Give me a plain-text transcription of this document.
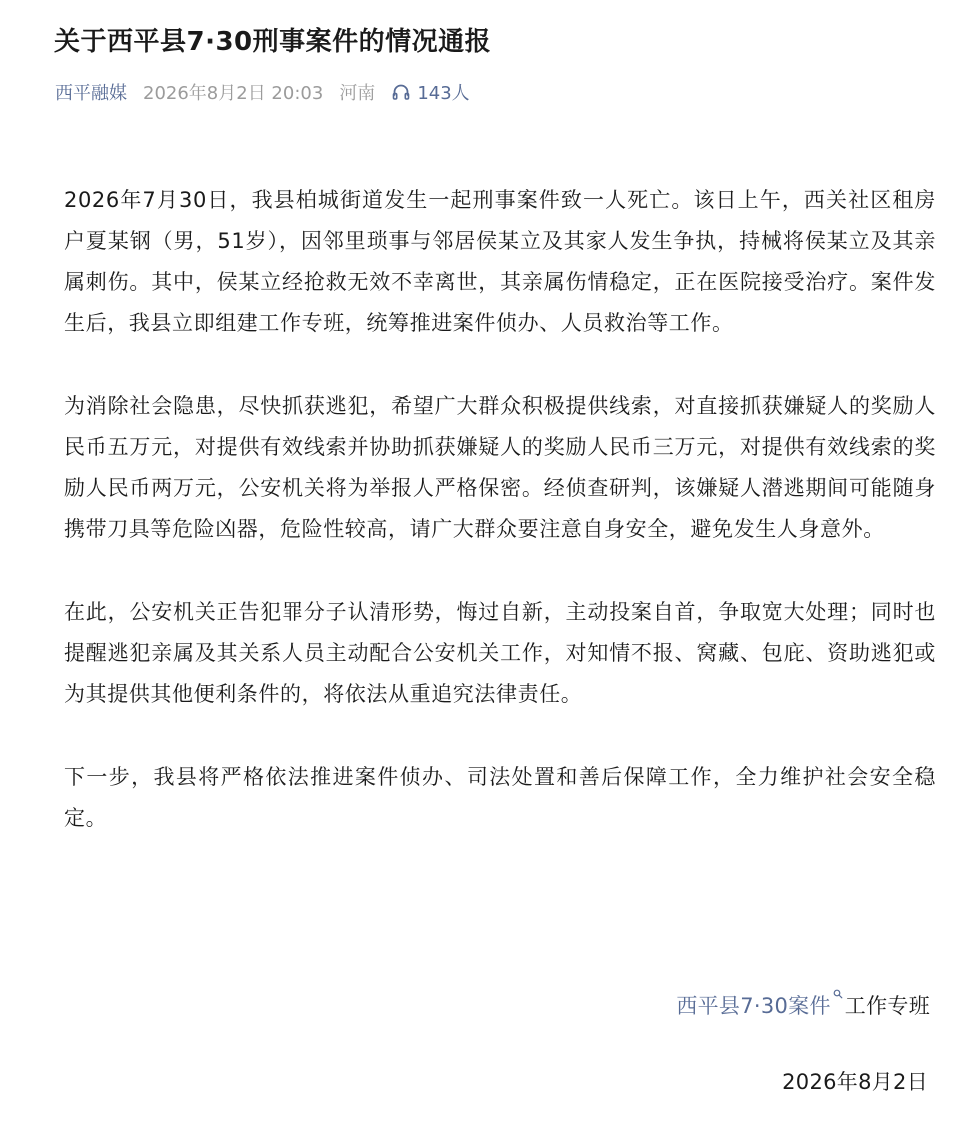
关于西平县7·30刑事案件的情况通报
西平融媒 2026年8月2日 20:03 河南 143人

2026年7月30日，我县柏城街道发生一起刑事案件致一人死亡。该日上午，西关社区租房户夏某钢（男，51岁），因邻里琐事与邻居侯某立及其家人发生争执，持械将侯某立及其亲属刺伤。其中，侯某立经抢救无效不幸离世，其亲属伤情稳定，正在医院接受治疗。案件发生后，我县立即组建工作专班，统筹推进案件侦办、人员救治等工作。

为消除社会隐患，尽快抓获逃犯，希望广大群众积极提供线索，对直接抓获嫌疑人的奖励人民币五万元，对提供有效线索并协助抓获嫌疑人的奖励人民币三万元，对提供有效线索的奖励人民币两万元，公安机关将为举报人严格保密。经侦查研判，该嫌疑人潜逃期间可能随身携带刀具等危险凶器，危险性较高，请广大群众要注意自身安全，避免发生人身意外。

在此，公安机关正告犯罪分子认清形势，悔过自新，主动投案自首，争取宽大处理；同时也提醒逃犯亲属及其关系人员主动配合公安机关工作，对知情不报、窝藏、包庇、资助逃犯或为其提供其他便利条件的，将依法从重追究法律责任。

下一步，我县将严格依法推进案件侦办、司法处置和善后保障工作，全力维护社会安全稳定。

西平县7·30案件 工作专班
2026年8月2日
